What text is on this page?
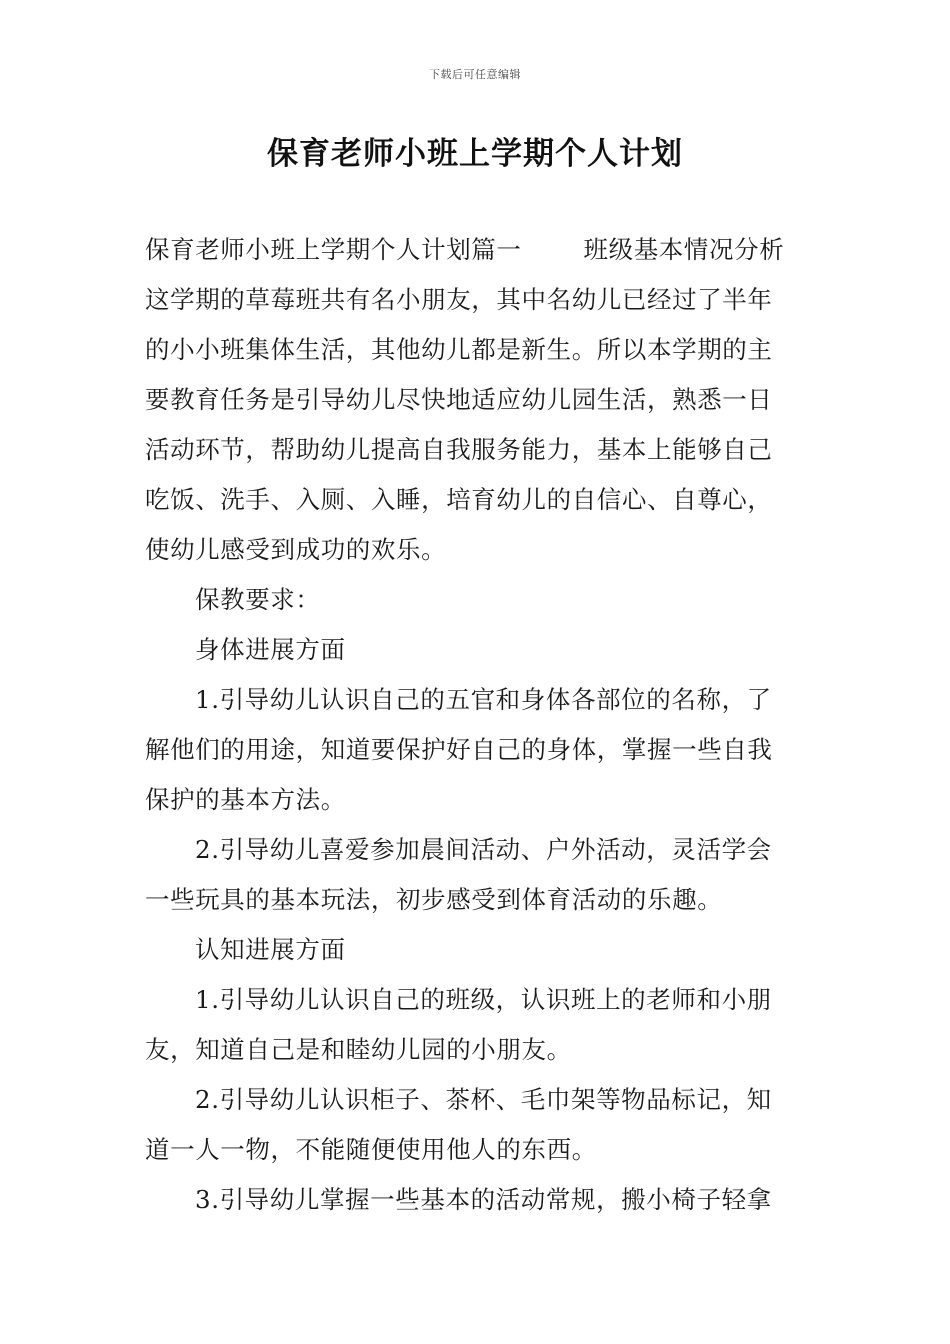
下载后可任意编辑
保育老师小班上学期个人计划
保育老师小班上学期个人计划篇一	班级基本情况分析
这学期的草莓班共有名小朋友，其中名幼儿已经过了半年
的小小班集体生活，其他幼儿都是新生。所以本学期的主
要教育任务是引导幼儿尽快地适应幼儿园生活，熟悉一日
活动环节，帮助幼儿提高自我服务能力，基本上能够自己
吃饭、洗手、入厕、入睡，培育幼儿的自信心、自尊心，
使幼儿感受到成功的欢乐。
保教要求：
身体进展方面
1.引导幼儿认识自己的五官和身体各部位的名称，了
解他们的用途，知道要保护好自己的身体，掌握一些自我
保护的基本方法。
2.引导幼儿喜爱参加晨间活动、户外活动，灵活学会
一些玩具的基本玩法，初步感受到体育活动的乐趣。
认知进展方面
1.引导幼儿认识自己的班级，认识班上的老师和小朋
友，知道自己是和睦幼儿园的小朋友。
2.引导幼儿认识柜子、茶杯、毛巾架等物品标记，知
道一人一物，不能随便使用他人的东西。
3.引导幼儿掌握一些基本的活动常规，搬小椅子轻拿
